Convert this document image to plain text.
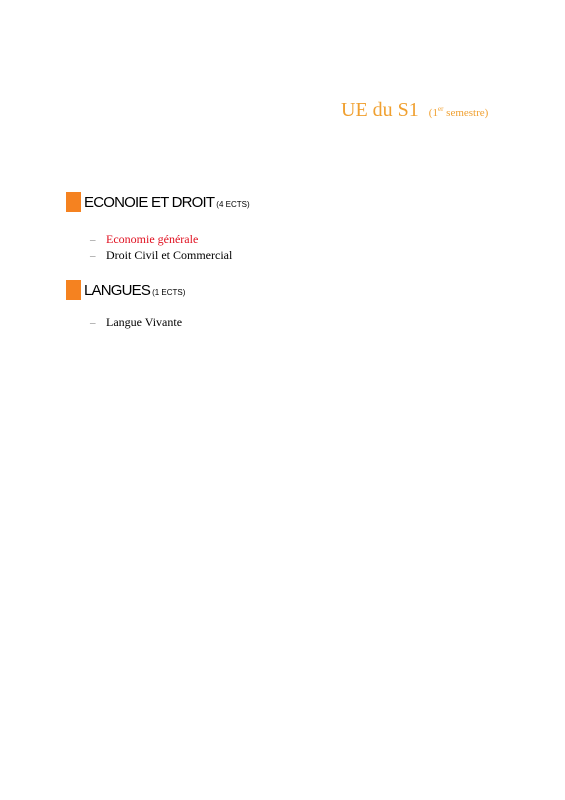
UE du S1 (1er semestre)
ECONOIE ET DROIT (4 ECTS)
– Economie générale
– Droit Civil et Commercial
LANGUES (1 ECTS)
– Langue Vivante
